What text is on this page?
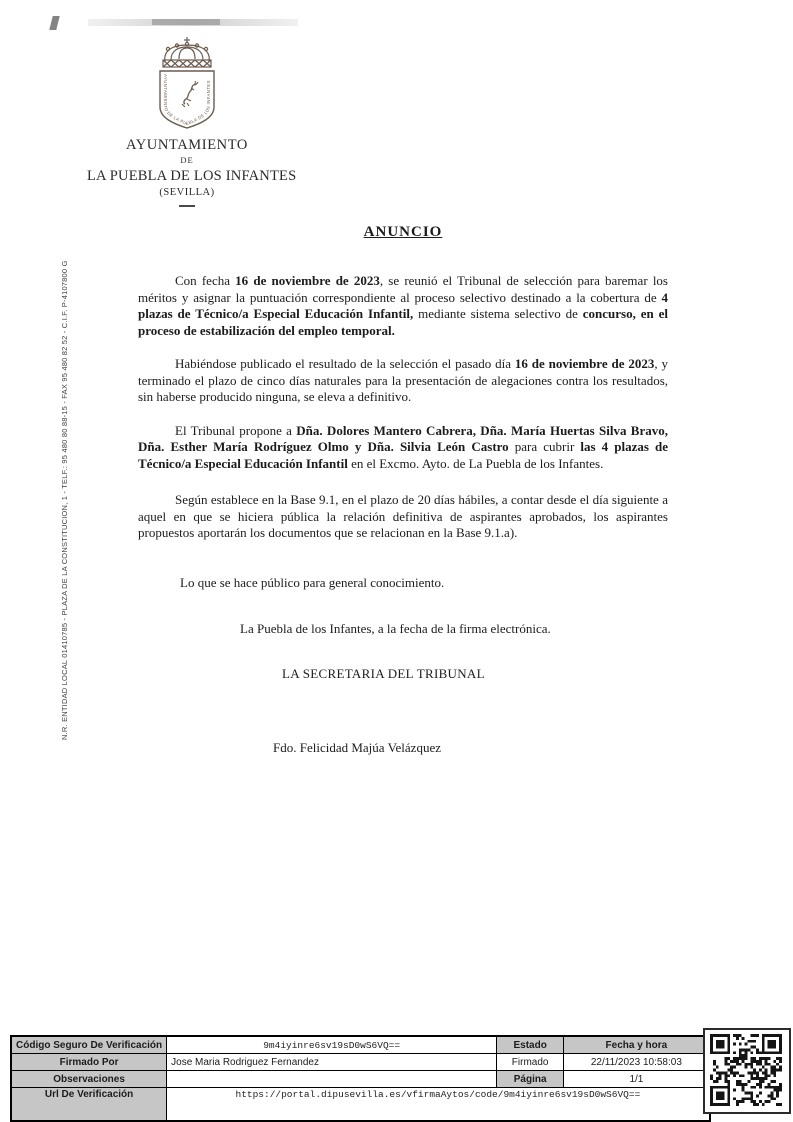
AYUNTAMIENTO DE LA PUEBLA DE LOS INFANTES
AYUNTAMIENTO
DE
LA PUEBLA DE LOS INFANTES
(SEVILLA)
N.R. ENTIDAD LOCAL 01410785 - PLAZA DE LA CONSTITUCION, 1 - TELF.: 95 480 80 88-15 - FAX 95 480 82 52 - C.I.F. P-4107800 G
ANUNCIO

Con fecha 16 de noviembre de 2023, se reunió el Tribunal de selección para baremar los méritos y asignar la puntuación correspondiente al proceso selectivo destinado a la cobertura de 4 plazas de Técnico/a Especial Educación Infantil, mediante sistema selectivo de concurso, en el proceso de estabilización del empleo temporal.

Habiéndose publicado el resultado de la selección el pasado día 16 de noviembre de 2023, y terminado el plazo de cinco días naturales para la presentación de alegaciones contra los resultados, sin haberse producido ninguna, se eleva a definitivo.

El Tribunal propone a Dña. Dolores Mantero Cabrera, Dña. María Huertas Silva Bravo, Dña. Esther María Rodríguez Olmo y Dña. Silvia León Castro para cubrir las 4 plazas de Técnico/a Especial Educación Infantil en el Excmo. Ayto. de La Puebla de los Infantes.

Según establece en la Base 9.1, en el plazo de 20 días hábiles, a contar desde el día siguiente a aquel en que se hiciera pública la relación definitiva de aspirantes aprobados, los aspirantes propuestos aportarán los documentos que se relacionan en la Base 9.1.a).

Lo que se hace público para general conocimiento.

La Puebla de los Infantes, a la fecha de la firma electrónica.

LA SECRETARIA DEL TRIBUNAL

Fdo. Felicidad Majúa Velázquez

Código Seguro De Verificación	9m4iyinre6sv19sD0wS6VQ==	Estado	Fecha y hora
Firmado Por	Jose Maria Rodriguez Fernandez	Firmado	22/11/2023 10:58:03
Observaciones		Página	1/1
Url De Verificación	https://portal.dipusevilla.es/vfirmaAytos/code/9m4iyinre6sv19sD0wS6VQ==		
